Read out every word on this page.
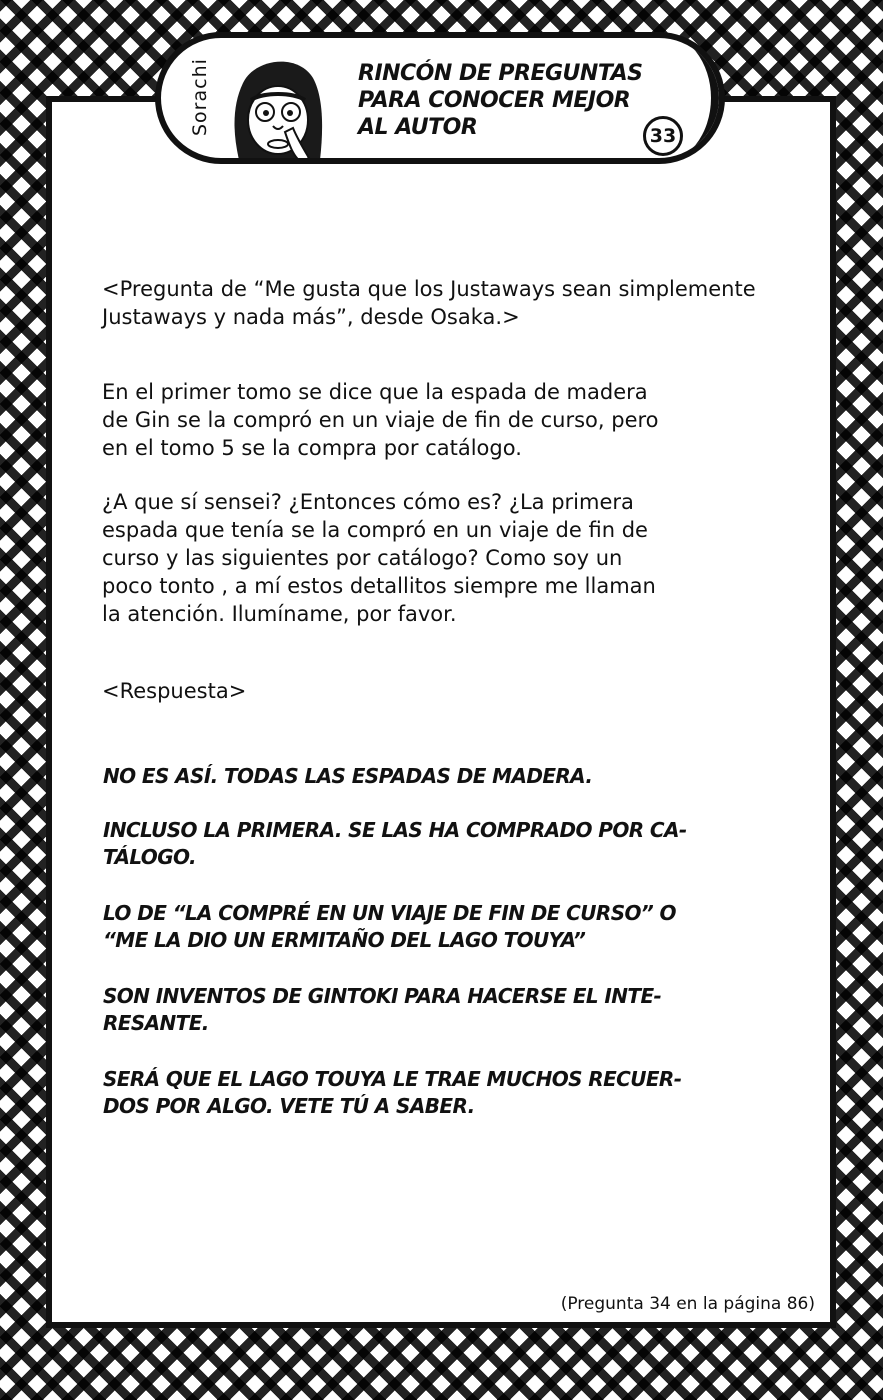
Sorachi	RINCÓN DE PREGUNTAS
PARA CONOCER MEJOR
AL AUTOR	33
<Pregunta de “Me gusta que los Justaways sean simplemente
Justaways y nada más”, desde Osaka.>
En el primer tomo se dice que la espada de madera
de Gin se la compró en un viaje de fin de curso, pero
en el tomo 5 se la compra por catálogo.
¿A que sí sensei? ¿Entonces cómo es? ¿La primera
espada que tenía se la compró en un viaje de fin de
curso y las siguientes por catálogo? Como soy un
poco tonto , a mí estos detallitos siempre me llaman
la atención. Ilumíname, por favor.
<Respuesta>
NO ES ASÍ. TODAS LAS ESPADAS DE MADERA.
INCLUSO LA PRIMERA. SE LAS HA COMPRADO POR CA-
TÁLOGO.
LO DE “LA COMPRÉ EN UN VIAJE DE FIN DE CURSO” O
“ME LA DIO UN ERMITAÑO DEL LAGO TOUYA”
SON INVENTOS DE GINTOKI PARA HACERSE EL INTE-
RESANTE.
SERÁ QUE EL LAGO TOUYA LE TRAE MUCHOS RECUER-
DOS POR ALGO. VETE TÚ A SABER.
(Pregunta 34 en la página 86)
